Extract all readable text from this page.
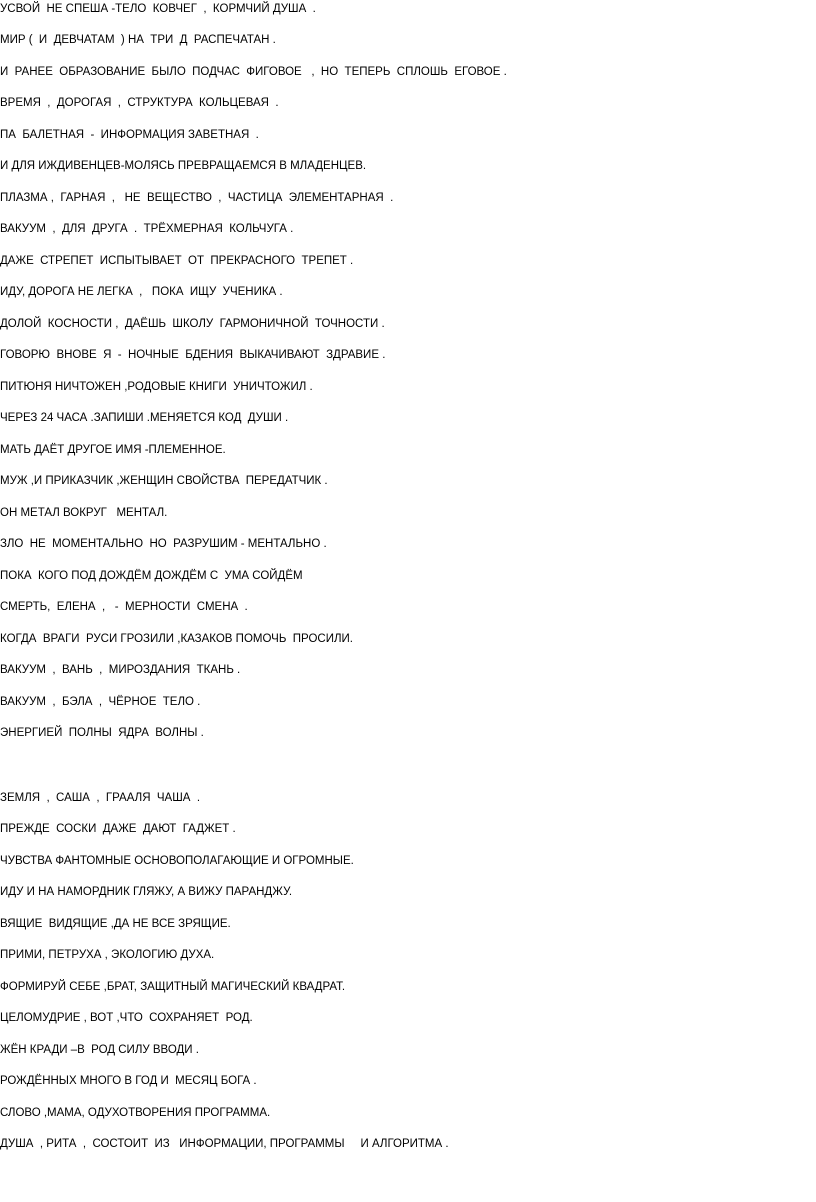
УСВОЙ  НЕ СПЕША -ТЕЛО  КОВЧЕГ  ,  КОРМЧИЙ ДУША  .
МИР (  И  ДЕВЧАТАМ  ) НА  ТРИ  Д  РАСПЕЧАТАН .
И  РАНЕЕ  ОБРАЗОВАНИЕ  БЫЛО  ПОДЧАС  ФИГОВОЕ   ,  НО  ТЕПЕРЬ  СПЛОШЬ  ЕГОВОЕ .
ВРЕМЯ  ,  ДОРОГАЯ  ,  СТРУКТУРА  КОЛЬЦЕВАЯ  .
ПА  БАЛЕТНАЯ  -  ИНФОРМАЦИЯ ЗАВЕТНАЯ  .
И ДЛЯ ИЖДИВЕНЦЕВ-МОЛЯСЬ ПРЕВРАЩАЕМСЯ В МЛАДЕНЦЕВ.
ПЛАЗМА ,  ГАРНАЯ  ,   НЕ  ВЕЩЕСТВО  ,  ЧАСТИЦА  ЭЛЕМЕНТАРНАЯ  .
ВАКУУМ  ,  ДЛЯ  ДРУГА  .  ТРЁХМЕРНАЯ  КОЛЬЧУГА .
ДАЖЕ  СТРЕПЕТ  ИСПЫТЫВАЕТ  ОТ  ПРЕКРАСНОГО  ТРЕПЕТ .
ИДУ, ДОРОГА НЕ ЛЕГКА  ,   ПОКА  ИЩУ  УЧЕНИКА .
ДОЛОЙ  КОСНОСТИ ,  ДАЁШЬ  ШКОЛУ  ГАРМОНИЧНОЙ  ТОЧНОСТИ .
ГОВОРЮ  ВНОВЕ  Я  -  НОЧНЫЕ  БДЕНИЯ  ВЫКАЧИВАЮТ  ЗДРАВИЕ .
ПИТЮНЯ НИЧТОЖЕН ,РОДОВЫЕ КНИГИ  УНИЧТОЖИЛ .
ЧЕРЕЗ 24 ЧАСА .ЗАПИШИ .МЕНЯЕТСЯ КОД  ДУШИ .
МАТЬ ДАЁТ ДРУГОЕ ИМЯ -ПЛЕМЕННОЕ.
МУЖ ,И ПРИКАЗЧИК ,ЖЕНЩИН СВОЙСТВА  ПЕРЕДАТЧИК .
ОН МЕТАЛ ВОКРУГ   МЕНТАЛ.
ЗЛО  НЕ  МОМЕНТАЛЬНО  НО  РАЗРУШИМ - МЕНТАЛЬНО .
ПОКА  КОГО ПОД ДОЖДЁМ ДОЖДЁМ С  УМА СОЙДЁМ
СМЕРТЬ,  ЕЛЕНА  ,   -  МЕРНОСТИ  СМЕНА  .
КОГДА  ВРАГИ  РУСИ ГРОЗИЛИ ,КАЗАКОВ ПОМОЧЬ  ПРОСИЛИ.
ВАКУУМ  ,  ВАНЬ  ,  МИРОЗДАНИЯ  ТКАНЬ .
ВАКУУМ  ,  БЭЛА  ,  ЧЁРНОЕ  ТЕЛО .
ЭНЕРГИЕЙ  ПОЛНЫ  ЯДРА  ВОЛНЫ .
ЗЕМЛЯ  ,  САША  ,  ГРААЛЯ  ЧАША  .
ПРЕЖДЕ  СОСКИ  ДАЖЕ  ДАЮТ  ГАДЖЕТ .
ЧУВСТВА ФАНТОМНЫЕ ОСНОВОПОЛАГАЮЩИЕ И ОГРОМНЫЕ.
ИДУ И НА НАМОРДНИК ГЛЯЖУ, А ВИЖУ ПАРАНДЖУ.
ВЯЩИЕ  ВИДЯЩИЕ ,ДА НЕ ВСЕ ЗРЯЩИЕ.
ПРИМИ, ПЕТРУХА , ЭКОЛОГИЮ ДУХА.
ФОРМИРУЙ СЕБЕ ,БРАТ, ЗАЩИТНЫЙ МАГИЧЕСКИЙ КВАДРАТ.
ЦЕЛОМУДРИЕ , ВОТ ,ЧТО  СОХРАНЯЕТ  РОД.
ЖЁН КРАДИ –В  РОД СИЛУ ВВОДИ .
РОЖДЁННЫХ МНОГО В ГОД И  МЕСЯЦ БОГА .
СЛОВО ,МАМА, ОДУХОТВОРЕНИЯ ПРОГРАММА.
ДУША  , РИТА  ,  СОСТОИТ  ИЗ   ИНФОРМАЦИИ, ПРОГРАММЫ     И АЛГОРИТМА .
